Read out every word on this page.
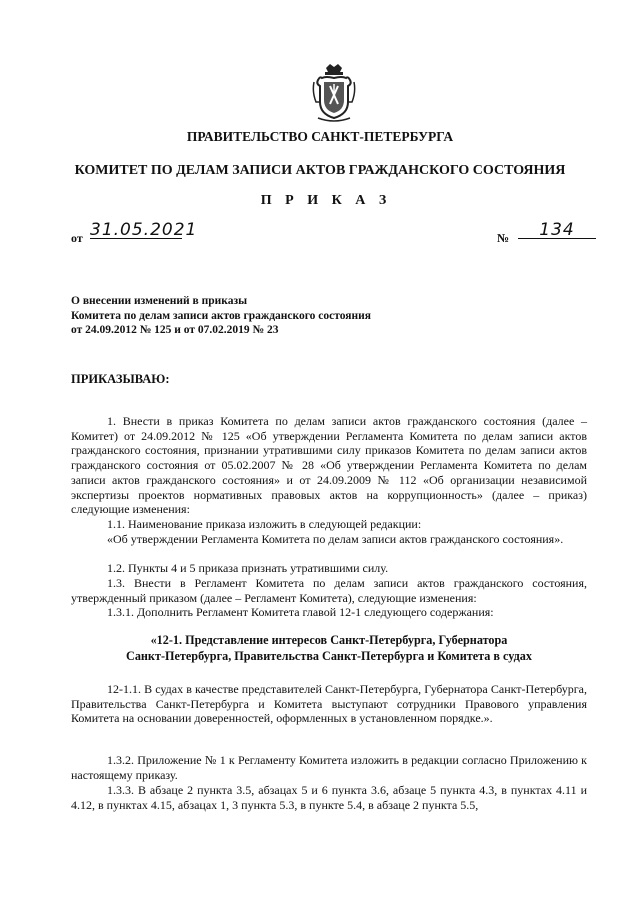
ПРАВИТЕЛЬСТВО САНКТ-ПЕТЕРБУРГА
КОМИТЕТ ПО ДЕЛАМ ЗАПИСИ АКТОВ ГРАЖДАНСКОГО СОСТОЯНИЯ
П Р И К А З
от 31.05.2021	№	134
О внесении изменений в приказы
Комитета по делам записи актов гражданского состояния
от 24.09.2012 № 125 и от 07.02.2019 № 23
ПРИКАЗЫВАЮ:
1. Внести в приказ Комитета по делам записи актов гражданского состояния (далее – Комитет) от 24.09.2012 № 125 «Об утверждении Регламента Комитета по делам записи актов гражданского состояния, признании утратившими силу приказов Комитета по делам записи актов гражданского состояния от 05.02.2007 № 28 «Об утверждении Регламента Комитета по делам записи актов гражданского состояния» и от 24.09.2009 № 112 «Об организации независимой экспертизы проектов нормативных правовых актов на коррупционность» (далее – приказ) следующие изменения:
1.1. Наименование приказа изложить в следующей редакции:
«Об утверждении Регламента Комитета по делам записи актов гражданского состояния».
1.2. Пункты 4 и 5 приказа признать утратившими силу.
1.3. Внести в Регламент Комитета по делам записи актов гражданского состояния, утвержденный приказом (далее – Регламент Комитета), следующие изменения:
1.3.1. Дополнить Регламент Комитета главой 12-1 следующего содержания:
«12-1. Представление интересов Санкт-Петербурга, Губернатора
Санкт-Петербурга, Правительства Санкт-Петербурга и Комитета в судах
12-1.1. В судах в качестве представителей Санкт-Петербурга, Губернатора Санкт-Петербурга, Правительства Санкт-Петербурга и Комитета выступают сотрудники Правового управления Комитета на основании доверенностей, оформленных в установленном порядке.».
1.3.2. Приложение № 1 к Регламенту Комитета изложить в редакции согласно Приложению к настоящему приказу.
1.3.3. В абзаце 2 пункта 3.5, абзацах 5 и 6 пункта 3.6, абзаце 5 пункта 4.3, в пунктах 4.11 и 4.12, в пунктах 4.15, абзацах 1, 3 пункта 5.3, в пункте 5.4, в абзаце 2 пункта 5.5,
